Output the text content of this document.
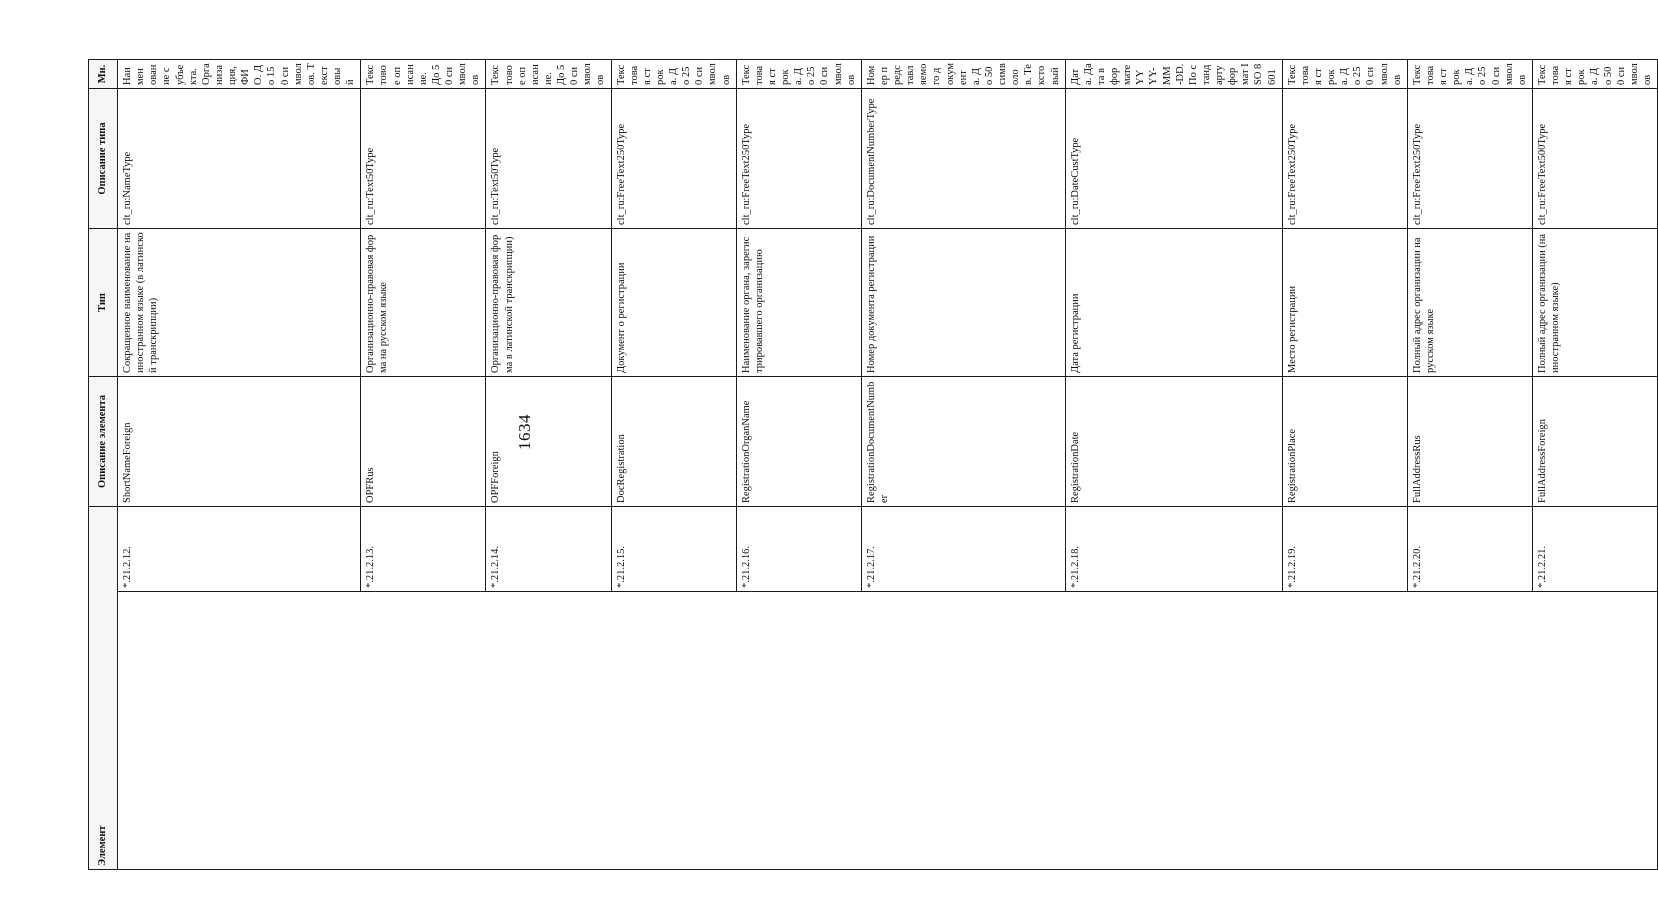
1634
Элемент		Описание элемента	Тип	Описание типа	Мн.	
	*.21.2.12.	ShortNameForeign	Сокращенное наименование на иностранном языке (в латинской транскрипции)	clt_ru:NameType	Наименование субъекта. Организация, ФИО. До 150 символов. Текстовый	
	*.21.2.13.	OPFRus	Организационно-правовая форма на русском языке	clt_ru:Text50Type	Текстовое описание. До 50 символов	
	*.21.2.14.	OPFForeign	Организационно-правовая форма в латинской транскрипции)	clt_ru:Text50Type	Текстовое описание. До 50 символов	
	*.21.2.15.	DocRegistration	Документ о регистрации	clt_ru:FreeText250Type	Текстовая строка. До 250 символов	
	*.21.2.16.	RegistrationOrganName	Наименование органа, зарегистрировавшего организацию	clt_ru:FreeText250Type	Текстовая строка. До 250 символов	
	*.21.2.17.	RegistrationDocumentNumber	Номер документа регистрации	clt_ru:DocumentNumberType	Номер представляемого документа. До 50 символов. Текстовый	
	*.21.2.18.	RegistrationDate	Дата регистрации	clt_ru:DateCustType	Дата. Дата в формате YYYY-MM-DD. По стандарту формат ISO 8601	
	*.21.2.19.	RegistrationPlace	Место регистрации	clt_ru:FreeText250Type	Текстовая строка. До 250 символов	
	*.21.2.20.	FullAddressRus	Полный адрес организации на русском языке	clt_ru:FreeText250Type	Текстовая строка. До 250 символов	
	*.21.2.21.	FullAddressForeign	Полный адрес организации (на иностранном языке)	clt_ru:FreeText500Type	Текстовая строка. До 500 символов	
